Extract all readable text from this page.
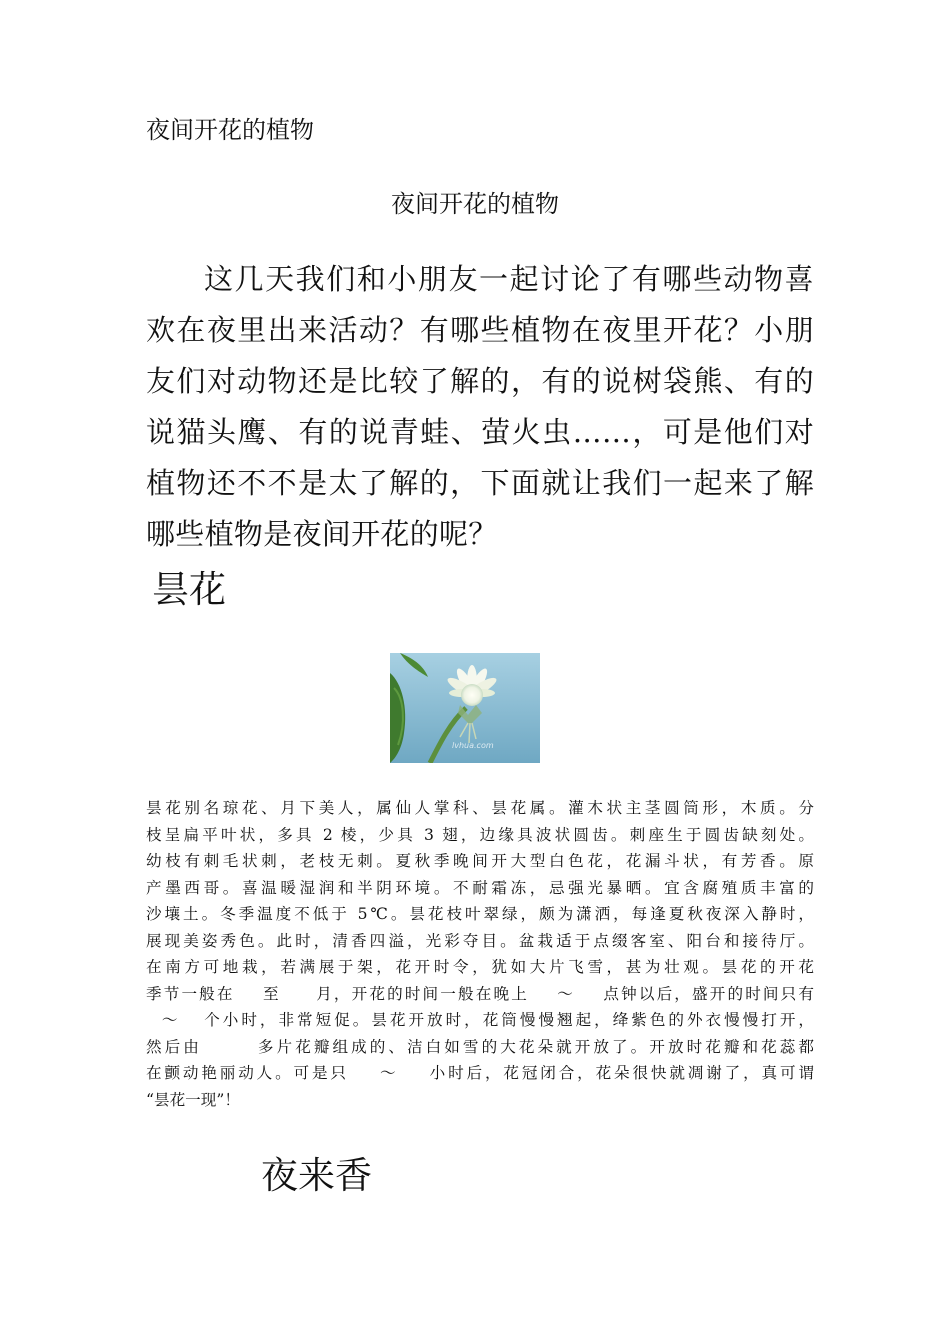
夜间开花的植物
夜间开花的植物

这几天我们和小朋友一起讨论了有哪些动物喜欢在夜里出来活动？有哪些植物在夜里开花？小朋友们对动物还是比较了解的，有的说树袋熊、有的说猫头鹰、有的说青蛙、萤火虫……，可是他们对植物还不不是太了解的，下面就让我们一起来了解哪些植物是夜间开花的呢？

昙花
lvhua.com
昙花别名琼花、月下美人，属仙人掌科、昙花属。灌木状主茎圆筒形，木质。分
枝呈扁平叶状，多具 2 棱，少具 3 翅，边缘具波状圆齿。刺座生于圆齿缺刻处。
幼枝有刺毛状刺，老枝无刺。夏秋季晚间开大型白色花，花漏斗状，有芳香。原
产墨西哥。喜温暖湿润和半阴环境。不耐霜冻，忌强光暴晒。宜含腐殖质丰富的
沙壤土。冬季温度不低于 5℃。昙花枝叶翠绿，颇为潇洒，每逢夏秋夜深入静时，
展现美姿秀色。此时，清香四溢，光彩夺目。盆栽适于点缀客室、阳台和接待厅。
在南方可地栽，若满展于架，花开时令，犹如大片飞雪，甚为壮观。昙花的开花
季节一般在    至     月，开花的时间一般在晚上    ～    点钟以后，盛开的时间只有
～   个小时，非常短促。昙花开放时，花筒慢慢翘起，绛紫色的外衣慢慢打开，
然后由       多片花瓣组成的、洁白如雪的大花朵就开放了。开放时花瓣和花蕊都
在颤动艳丽动人。可是只    ～    小时后，花冠闭合，花朵很快就凋谢了，真可谓
“昙花一现”！
夜来香
